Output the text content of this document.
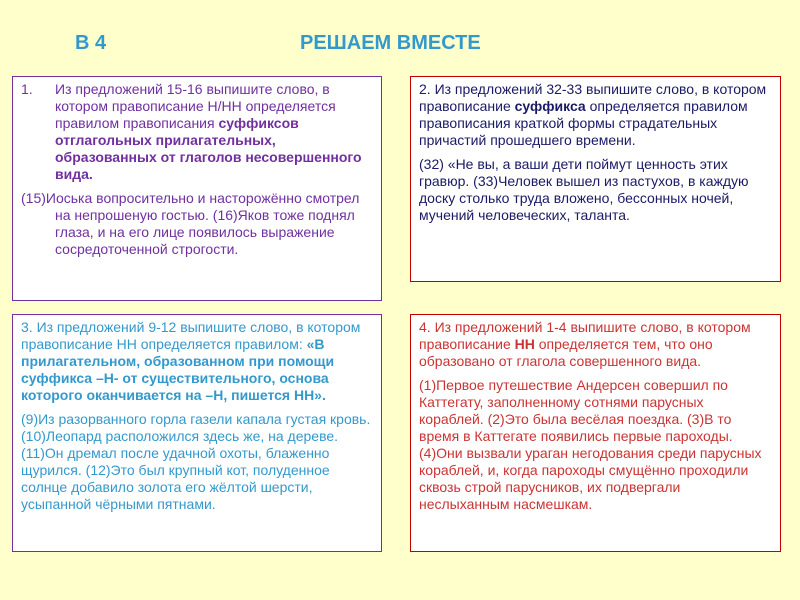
В 4	РЕШАЕМ ВМЕСТЕ
1.	Из предложений 15-16 выпишите слово, в котором правописание Н/НН определяется правилом правописания суффиксов отглагольных прилагательных, образованных от глаголов несовершенного вида.

(15)Иоська вопросительно и насторожённо смотрел на непрошеную гостью. (16)Яков тоже поднял глаза, и на его лице появилось выражение сосредоточенной строгости.

2. Из предложений 32-33 выпишите слово, в котором правописание суффикса определяется правилом правописания краткой формы страдательных причастий прошедшего времени.

(32) «Не вы, а ваши дети поймут ценность этих гравюр. (33)Человек вышел из пастухов, в каждую доску столько труда вложено, бессонных ночей, мучений человеческих, таланта.

3. Из предложений 9-12 выпишите слово, в котором правописание НН определяется правилом: «В прилагательном, образованном при помощи суффикса –Н- от существительного, основа которого оканчивается на –Н, пишется НН».

(9)Из разорванного горла газели капала густая кровь. (10)Леопард расположился здесь же, на дереве. (11)Он дремал после удачной охоты, блаженно щурился. (12)Это был крупный кот, полуденное солнце добавило золота его жёлтой шерсти, усыпанной чёрными пятнами.

4. Из предложений 1-4 выпишите слово, в котором правописание НН определяется тем, что оно образовано от глагола совершенного вида.

(1)Первое путешествие Андерсен совершил по Каттегату, заполненному сотнями парусных кораблей. (2)Это была весёлая поездка. (3)В то время в Каттегате появились первые пароходы. (4)Они вызвали ураган негодования среди парусных кораблей, и, когда пароходы смущённо проходили сквозь строй парусников, их подвергали неслыханным насмешкам.
